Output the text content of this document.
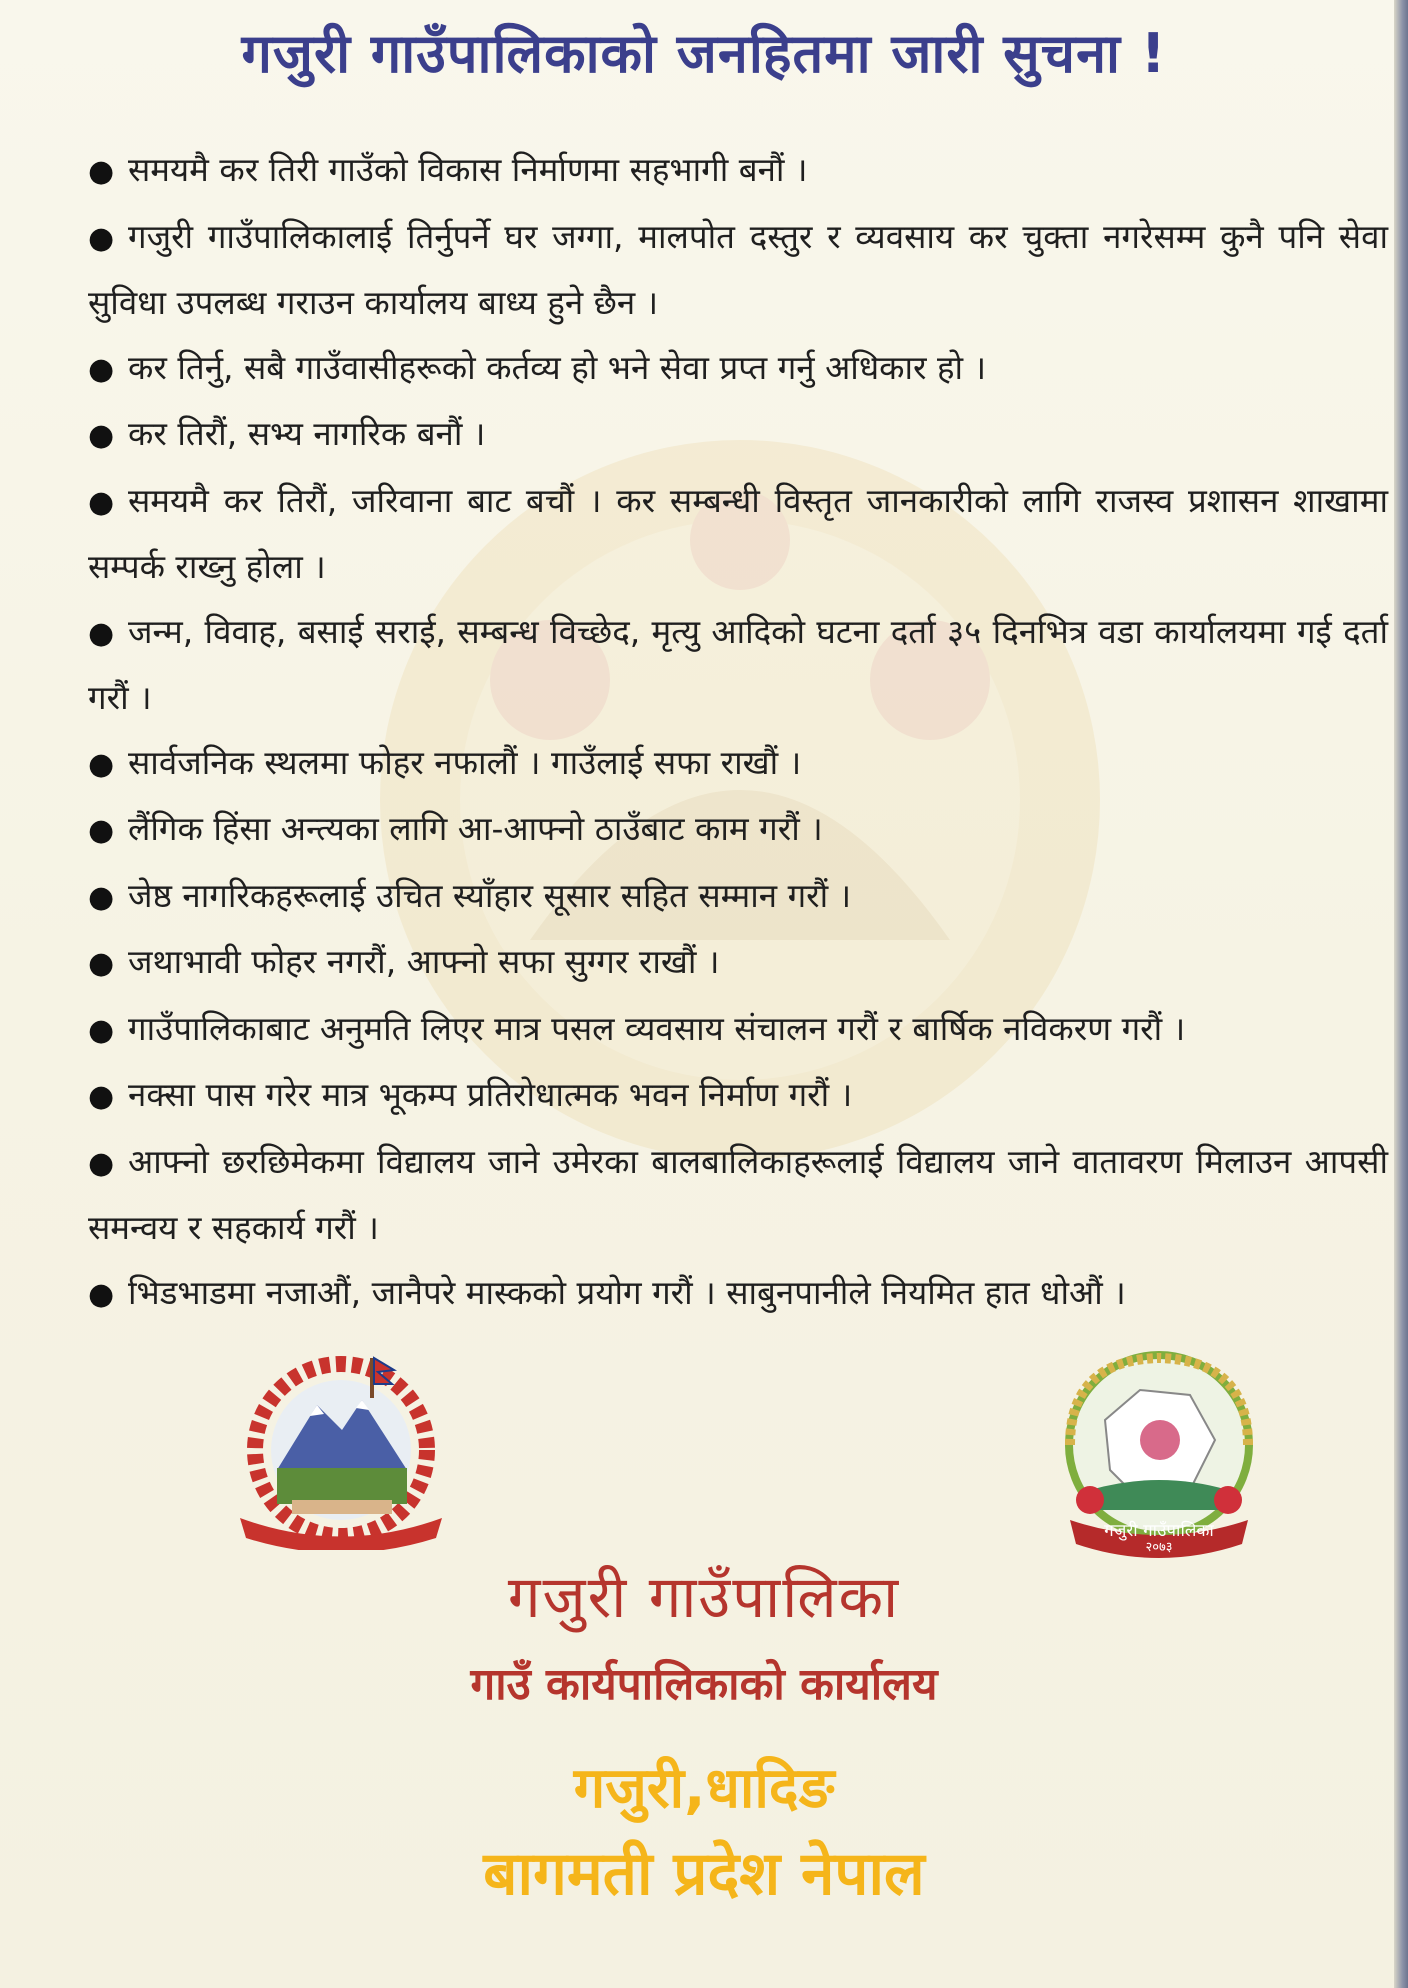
गजुरी गाउँपालिकाको जनहितमा जारी सुचना !
● समयमै कर तिरी गाउँको विकास निर्माणमा सहभागी बनौं ।
● गजुरी गाउँपालिकालाई तिर्नुपर्ने घर जग्गा, मालपोत दस्तुर र व्यवसाय कर चुक्ता नगरेसम्म कुनै पनि सेवा सुविधा उपलब्ध गराउन कार्यालय बाध्य हुने छैन ।
● कर तिर्नु, सबै गाउँवासीहरूको कर्तव्य हो भने सेवा प्रप्त गर्नु अधिकार हो ।
● कर तिरौं, सभ्य नागरिक बनौं ।
● समयमै कर तिरौं, जरिवाना बाट बचौं । कर सम्बन्धी विस्तृत जानकारीको लागि राजस्व प्रशासन शाखामा सम्पर्क राख्नु होला ।
● जन्म, विवाह, बसाई सराई, सम्बन्ध विच्छेद, मृत्यु आदिको घटना दर्ता ३५ दिनभित्र वडा कार्यालयमा गई दर्ता गरौं ।
● सार्वजनिक स्थलमा फोहर नफालौं । गाउँलाई सफा राखौं ।
● लैंगिक हिंसा अन्त्यका लागि आ-आफ्नो ठाउँबाट काम गरौं ।
● जेष्ठ नागरिकहरूलाई उचित स्याँहार सूसार सहित सम्मान गरौं ।
● जथाभावी फोहर नगरौं, आफ्नो सफा सुग्गर राखौं ।
● गाउँपालिकाबाट अनुमति लिएर मात्र पसल व्यवसाय संचालन गरौं र बार्षिक नविकरण गरौं ।
● नक्सा पास गरेर मात्र भूकम्प प्रतिरोधात्मक भवन निर्माण गरौं ।
● आफ्नो छरछिमेकमा विद्यालय जाने उमेरका बालबालिकाहरूलाई विद्यालय जाने वातावरण मिलाउन आपसी समन्वय र सहकार्य गरौं ।
● भिडभाडमा नजाऔं, जानैपरे मास्कको प्रयोग गरौं । साबुनपानीले नियमित हात धोऔं ।
गजुरी गाउँपालिका
२०७३
गजुरी गाउँपालिका
गाउँ कार्यपालिकाको कार्यालय
गजुरी,धादिङ
बागमती प्रदेश नेपाल
